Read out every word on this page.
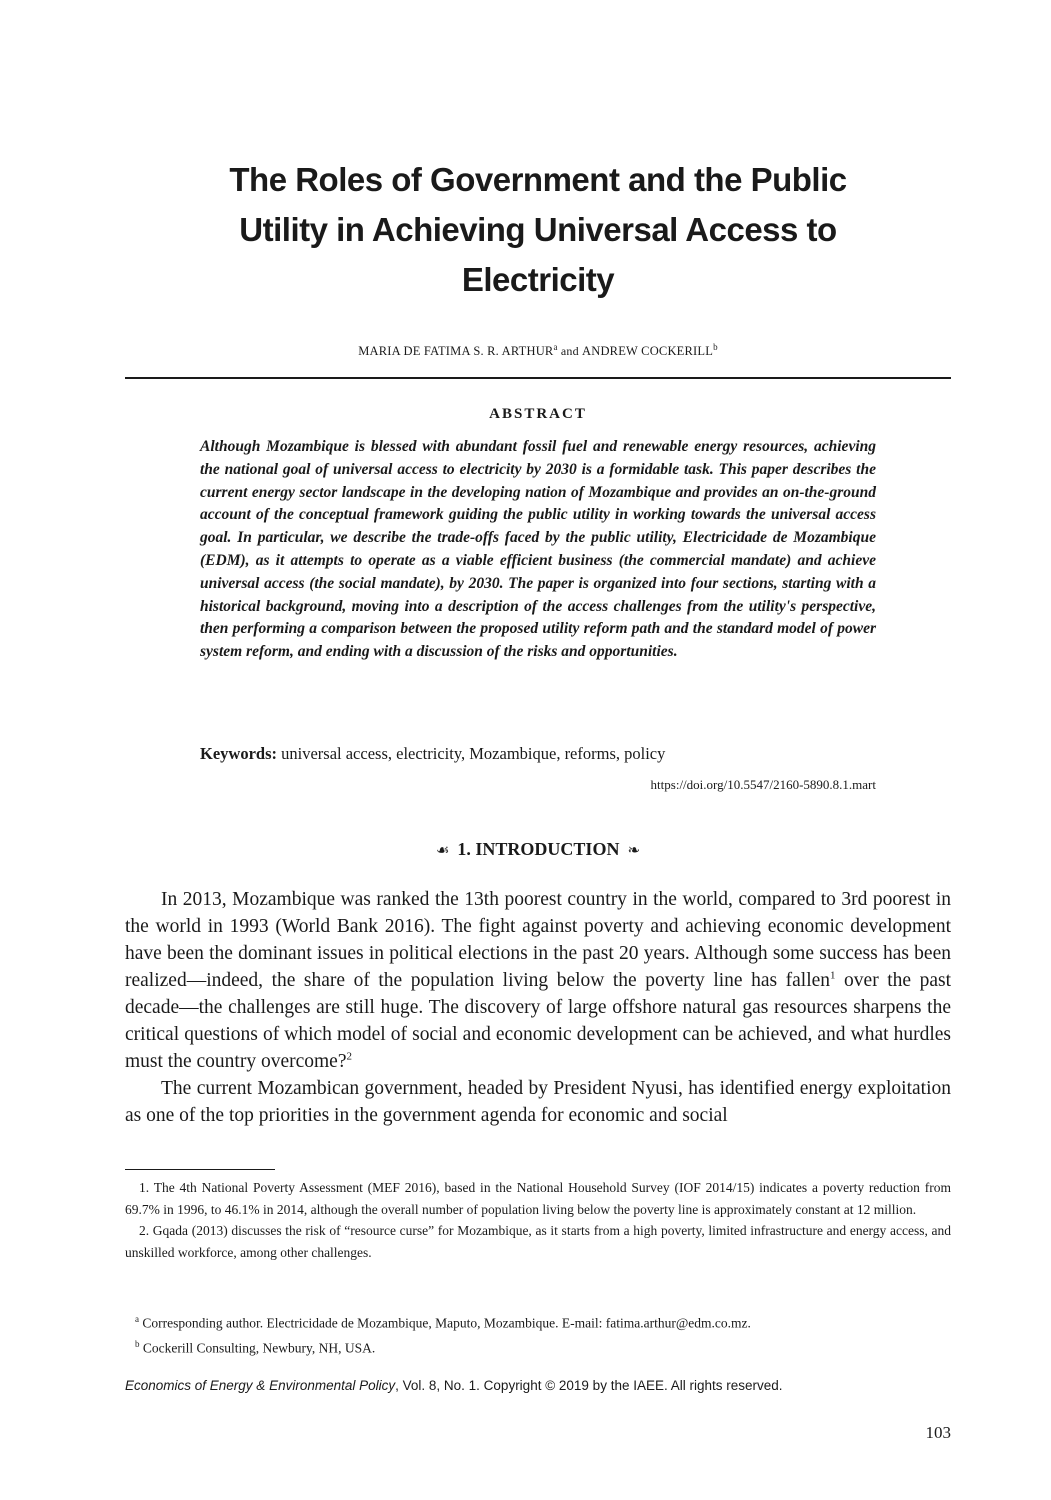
The Roles of Government and the Public
Utility in Achieving Universal Access to
Electricity
MARIA DE FATIMA S. R. ARTHUR$^a$ and ANDREW COCKERILL$^b$
ABSTRACT
Although Mozambique is blessed with abundant fossil fuel and renewable energy resources, achieving the national goal of universal access to electricity by 2030 is a formidable task. This paper describes the current energy sector landscape in the developing nation of Mozambique and provides an on-the-ground account of the conceptual framework guiding the public utility in working towards the universal access goal. In particular, we describe the trade-offs faced by the public utility, Electricidade de Mozambique (EDM), as it attempts to operate as a viable efficient business (the commercial mandate) and achieve universal access (the social mandate), by 2030. The paper is organized into four sections, starting with a historical background, moving into a description of the access challenges from the utility's perspective, then performing a comparison between the proposed utility reform path and the standard model of power system reform, and ending with a discussion of the risks and opportunities.
Keywords: universal access, electricity, Mozambique, reforms, policy
https://doi.org/10.5547/2160-5890.8.1.mart
☙ 1. INTRODUCTION ❧

In 2013, Mozambique was ranked the 13th poorest country in the world, compared to 3rd poorest in the world in 1993 (World Bank 2016). The fight against poverty and achieving economic development have been the dominant issues in political elections in the past 20 years. Although some success has been realized—indeed, the share of the population living below the poverty line has fallen$^1$ over the past decade—the challenges are still huge. The discovery of large offshore natural gas resources sharpens the critical questions of which model of social and economic development can be achieved, and what hurdles must the country overcome?$^2$

The current Mozambican government, headed by President Nyusi, has identified energy exploitation as one of the top priorities in the government agenda for economic and social

1. The 4th National Poverty Assessment (MEF 2016), based in the National Household Survey (IOF 2014/15) indicates a poverty reduction from 69.7% in 1996, to 46.1% in 2014, although the overall number of population living below the poverty line is approximately constant at 12 million.

2. Gqada (2013) discusses the risk of “resource curse” for Mozambique, as it starts from a high poverty, limited infrastructure and energy access, and unskilled workforce, among other challenges.

$^a$ Corresponding author. Electricidade de Mozambique, Maputo, Mozambique. E-mail: fatima.arthur@edm.co.mz.

$^b$ Cockerill Consulting, Newbury, NH, USA.

Economics of Energy & Environmental Policy, Vol. 8, No. 1. Copyright © 2019 by the IAEE. All rights reserved.
103
